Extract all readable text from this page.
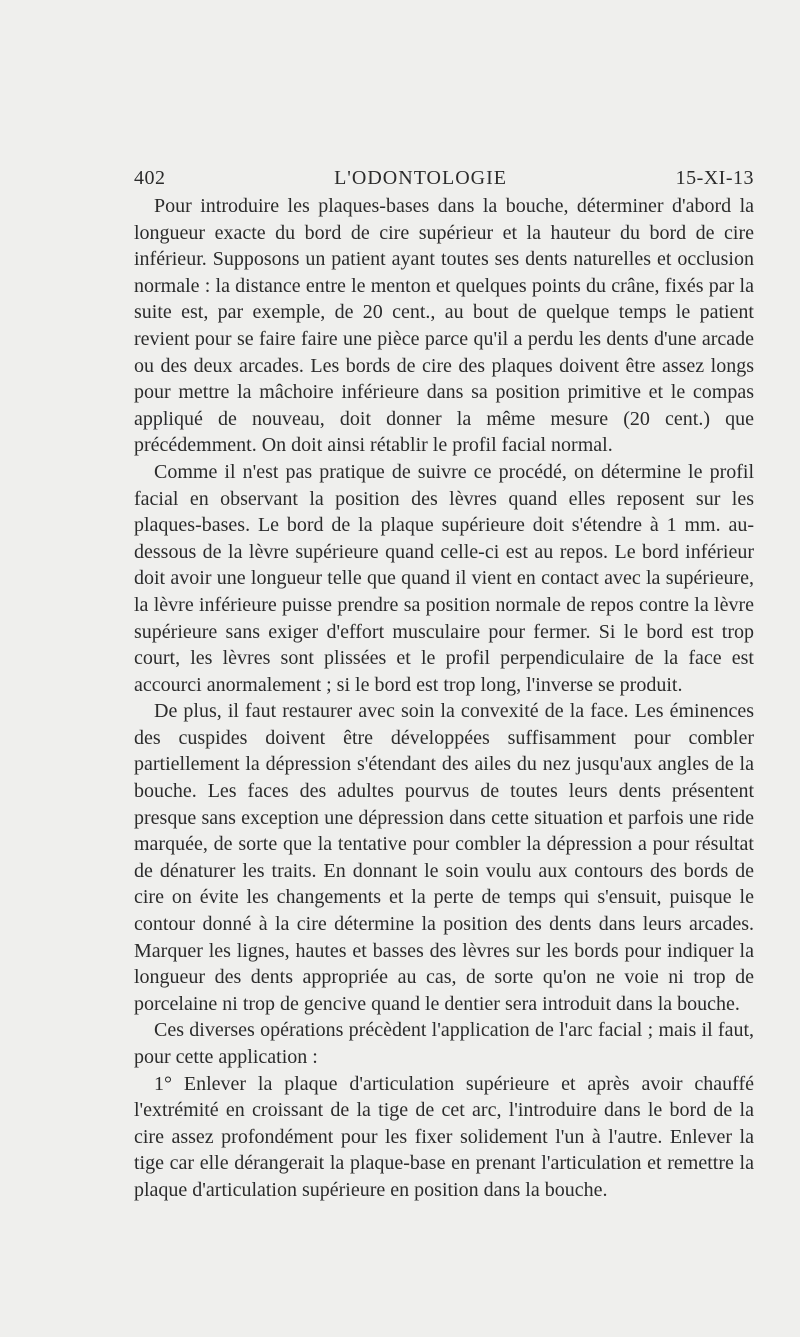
402	L'ODONTOLOGIE	15-XI-13

Pour introduire les plaques-bases dans la bouche, déterminer d'abord la longueur exacte du bord de cire supérieur et la hauteur du bord de cire inférieur. Supposons un patient ayant toutes ses dents naturelles et occlusion normale : la distance entre le menton et quelques points du crâne, fixés par la suite est, par exemple, de 20 cent., au bout de quelque temps le patient revient pour se faire faire une pièce parce qu'il a perdu les dents d'une arcade ou des deux arcades. Les bords de cire des plaques doivent être assez longs pour mettre la mâchoire inférieure dans sa position primitive et le compas appliqué de nouveau, doit donner la même mesure (20 cent.) que précédemment. On doit ainsi rétablir le profil facial normal.

Comme il n'est pas pratique de suivre ce procédé, on détermine le profil facial en observant la position des lèvres quand elles reposent sur les plaques-bases. Le bord de la plaque supérieure doit s'étendre à 1 mm. au-dessous de la lèvre supérieure quand celle-ci est au repos. Le bord inférieur doit avoir une longueur telle que quand il vient en contact avec la supérieure, la lèvre inférieure puisse prendre sa position normale de repos contre la lèvre supérieure sans exiger d'effort musculaire pour fermer. Si le bord est trop court, les lèvres sont plissées et le profil perpendiculaire de la face est accourci anormalement ; si le bord est trop long, l'inverse se produit.

De plus, il faut restaurer avec soin la convexité de la face. Les éminences des cuspides doivent être développées suffisamment pour combler partiellement la dépression s'étendant des ailes du nez jusqu'aux angles de la bouche. Les faces des adultes pourvus de toutes leurs dents présentent presque sans exception une dépression dans cette situation et parfois une ride marquée, de sorte que la tentative pour combler la dépression a pour résultat de dénaturer les traits. En donnant le soin voulu aux contours des bords de cire on évite les changements et la perte de temps qui s'ensuit, puisque le contour donné à la cire détermine la position des dents dans leurs arcades. Marquer les lignes, hautes et basses des lèvres sur les bords pour indiquer la longueur des dents appropriée au cas, de sorte qu'on ne voie ni trop de porcelaine ni trop de gencive quand le dentier sera introduit dans la bouche.

Ces diverses opérations précèdent l'application de l'arc facial ; mais il faut, pour cette application :

1° Enlever la plaque d'articulation supérieure et après avoir chauffé l'extrémité en croissant de la tige de cet arc, l'introduire dans le bord de la cire assez profondément pour les fixer solidement l'un à l'autre. Enlever la tige car elle dérangerait la plaque-base en prenant l'articulation et remettre la plaque d'articulation supérieure en position dans la bouche.
